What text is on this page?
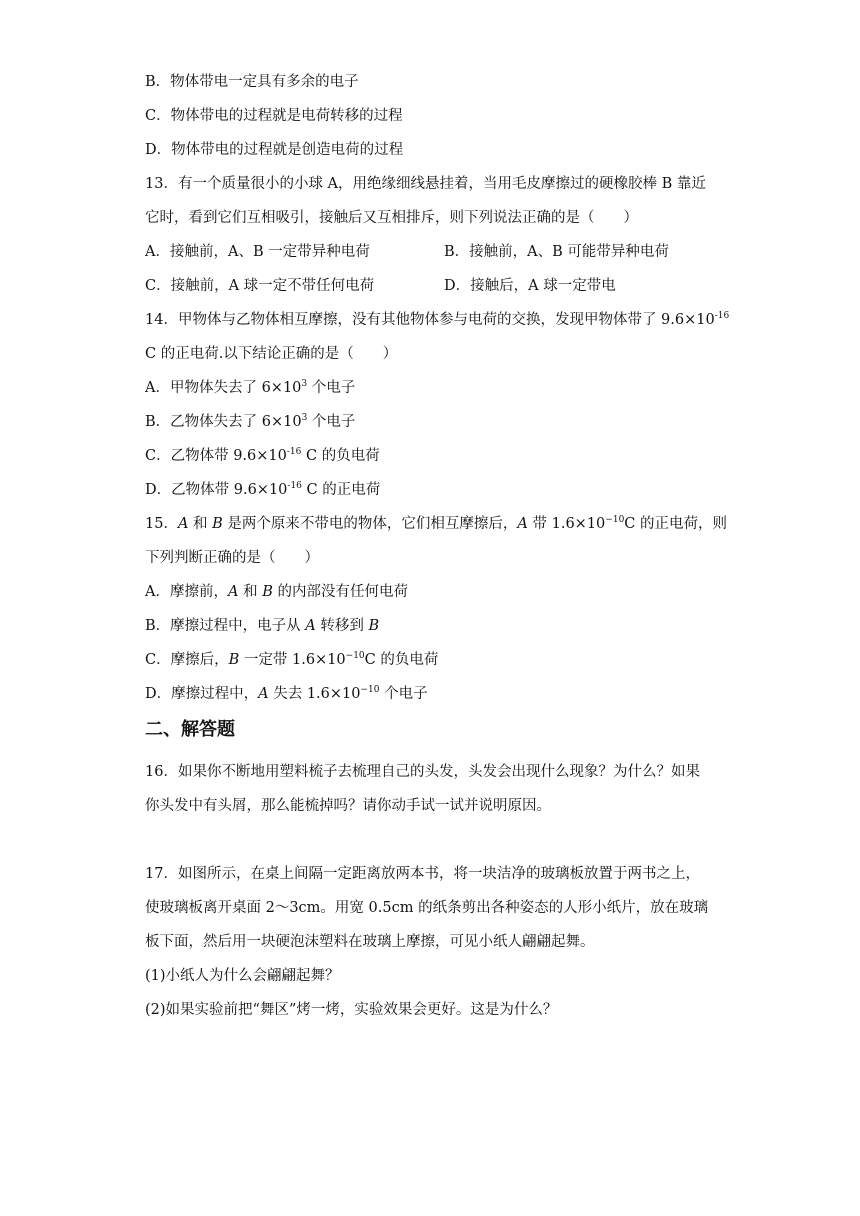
B．物体带电一定具有多余的电子
C．物体带电的过程就是电荷转移的过程
D．物体带电的过程就是创造电荷的过程
13．有一个质量很小的小球 A，用绝缘细线悬挂着，当用毛皮摩擦过的硬橡胶棒 B 靠近
它时，看到它们互相吸引，接触后又互相排斥，则下列说法正确的是（　　）
A．接触前，A、B 一定带异种电荷	B．接触前，A、B 可能带异种电荷
C．接触前，A 球一定不带任何电荷	D．接触后，A 球一定带电
14．甲物体与乙物体相互摩擦，没有其他物体参与电荷的交换，发现甲物体带了 $9.6\times 10^{-16}$
C 的正电荷.以下结论正确的是（　　）
A．甲物体失去了 $6\times 10^3$ 个电子
B．乙物体失去了 $6\times 10^3$ 个电子
C．乙物体带 $9.6\times 10^{-16}$ C 的负电荷
D．乙物体带 $9.6\times 10^{-16}$ C 的正电荷
15．A 和 B 是两个原来不带电的物体，它们相互摩擦后，A 带 $1.6\times 10^{-10}C$ 的正电荷，则
下列判断正确的是（　　）
A．摩擦前，A 和 B 的内部没有任何电荷
B．摩擦过程中，电子从 A 转移到 B
C．摩擦后，B 一定带 $1.6\times 10^{-10}C$ 的负电荷
D．摩擦过程中，A 失去 $1.6\times 10^{-10}$ 个电子
二、解答题
16．如果你不断地用塑料梳子去梳理自己的头发，头发会出现什么现象？为什么？如果
你头发中有头屑，那么能梳掉吗？请你动手试一试并说明原因。
17．如图所示，在桌上间隔一定距离放两本书，将一块洁净的玻璃板放置于两书之上，
使玻璃板离开桌面 2～3cm。用宽 0.5cm 的纸条剪出各种姿态的人形小纸片，放在玻璃
板下面，然后用一块硬泡沫塑料在玻璃上摩擦，可见小纸人翩翩起舞。
(1)小纸人为什么会翩翩起舞？
(2)如果实验前把“舞区”烤一烤，实验效果会更好。这是为什么？
